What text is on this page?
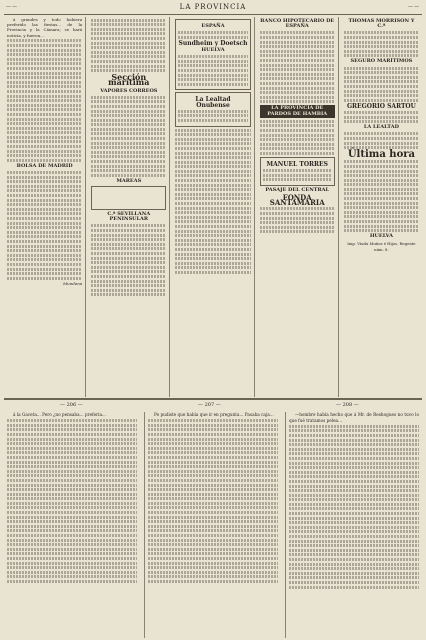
——	LA PROVINCIA	——
á grandes y todo hubiera preferido las fiestas... de la Provincia y la Cámara; se hará noticia, y fueron...
BOLSA DE MADRID
Mundana
Sección marítima
VAPORES CORREOS
MAREAS
C.ª SEVILLANA PENINSULAR
ESPAÑA
Sundheim y Doetsch
HUELVA
La Lealtad Onubense
BANCO HIPOTECARIO DE ESPAÑA
LA PROVINCIA DE PARDOS DE HAMBIA
MANUEL TORRES
PASAJE DEL CENTRAL
FONDA SANTAMARIA
THOMAS MORRISON Y C.ª
SEGURO MARÍTIMOS
GREGORIO SARTOU
LA LEALTAD
Última hora
HUELVA
Imp. Viuda Muñoz é Hijos, Regente núm. 8.
— 206 —	— 207 —	— 208 —
á la Gaceta... Pero ¿no pensaba... preferia...	Pe pudiste que había que ir en pregunta... Pasaba caja...	—hombre había hecho que á Mr. de Reshogues no tuvo lo que fué tratamos pelea...
